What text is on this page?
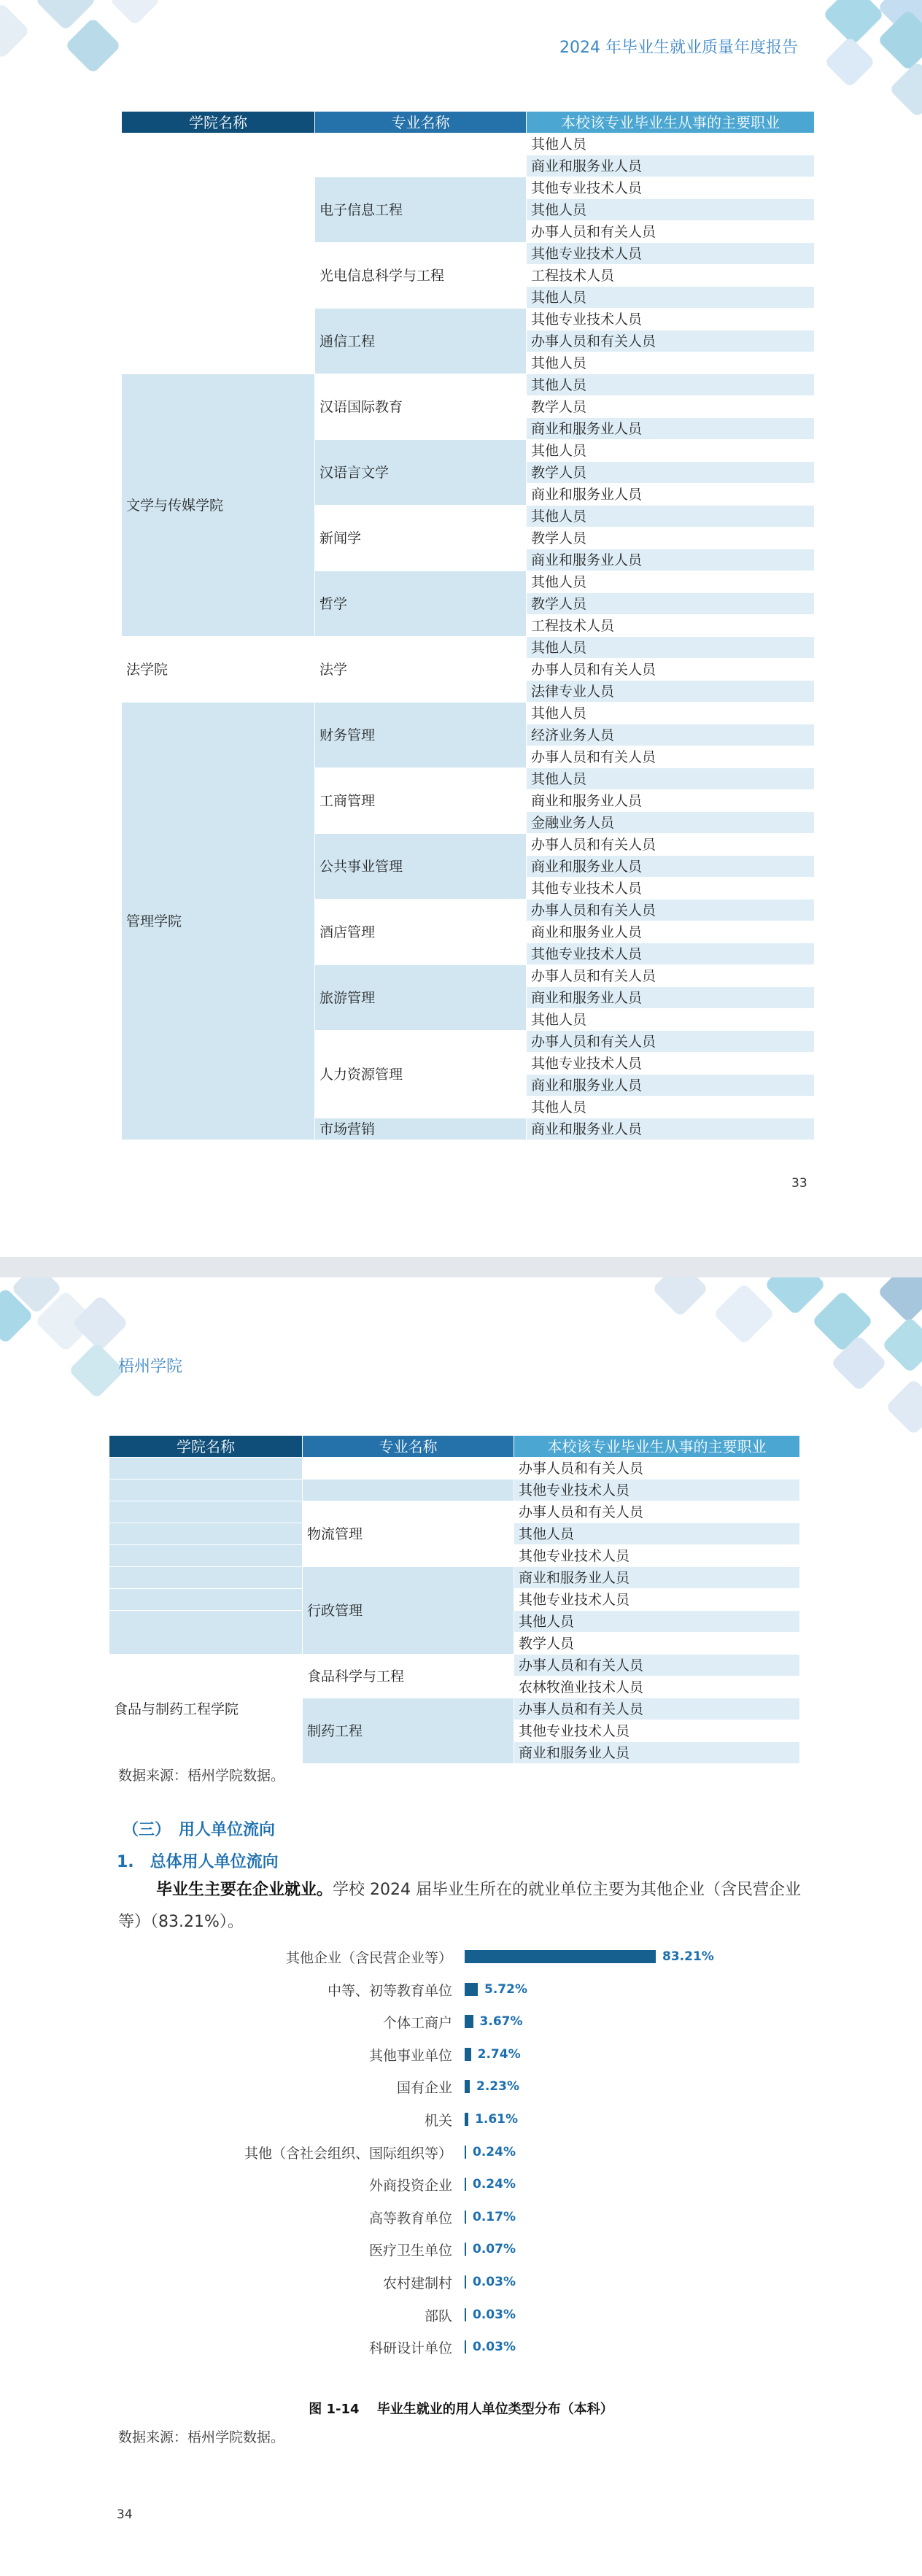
2024 年毕业生就业质量年度报告
学院名称	专业名称	本校该专业毕业生从事的主要职业
		其他人员
		商业和服务业人员
	电子信息工程	其他专业技术人员
		其他人员
		办事人员和有关人员
	光电信息科学与工程	其他专业技术人员
		工程技术人员
		其他人员
	通信工程	其他专业技术人员
		办事人员和有关人员
		其他人员
文学与传媒学院	汉语国际教育	其他人员
		教学人员
		商业和服务业人员
	汉语言文学	其他人员
		教学人员
		商业和服务业人员
	新闻学	其他人员
		教学人员
		商业和服务业人员
	哲学	其他人员
		教学人员
		工程技术人员
法学院	法学	其他人员
		办事人员和有关人员
		法律专业人员
管理学院	财务管理	其他人员
		经济业务人员
		办事人员和有关人员
	工商管理	其他人员
		商业和服务业人员
		金融业务人员
	公共事业管理	办事人员和有关人员
		商业和服务业人员
		其他专业技术人员
	酒店管理	办事人员和有关人员
		商业和服务业人员
		其他专业技术人员
	旅游管理	办事人员和有关人员
		商业和服务业人员
		其他人员
	人力资源管理	办事人员和有关人员
		其他专业技术人员
		商业和服务业人员
		其他人员
	市场营销	商业和服务业人员
33
梧州学院
学院名称	专业名称	本校该专业毕业生从事的主要职业
		办事人员和有关人员
		其他专业技术人员
	物流管理	办事人员和有关人员
		其他人员
		其他专业技术人员
	行政管理	商业和服务业人员
		其他专业技术人员
		其他人员
		教学人员
食品与制药工程学院	食品科学与工程	办事人员和有关人员
		农林牧渔业技术人员
	制药工程	办事人员和有关人员
		其他专业技术人员
		商业和服务业人员
数据来源：梧州学院数据。
（三）　用人单位流向
1.　总体用人单位流向
毕业生主要在企业就业。学校 2024 届毕业生所在的就业单位主要为其他企业（含民营企业等）（83.21%）。
其他企业（含民营企业等）	83.21%
中等、初等教育单位	5.72%
个体工商户 3.67%
其他事业单位 2.74%
国有企业 2.23%
机关 1.61%
其他（含社会组织、国际组织等） 0.24%
外商投资企业 0.24%
高等教育单位 0.17%
医疗卫生单位 0.07%
农村建制村 0.03%
部队 0.03%
科研设计单位 0.03%
图 1-14　 毕业生就业的用人单位类型分布（本科）
数据来源：梧州学院数据。
34
